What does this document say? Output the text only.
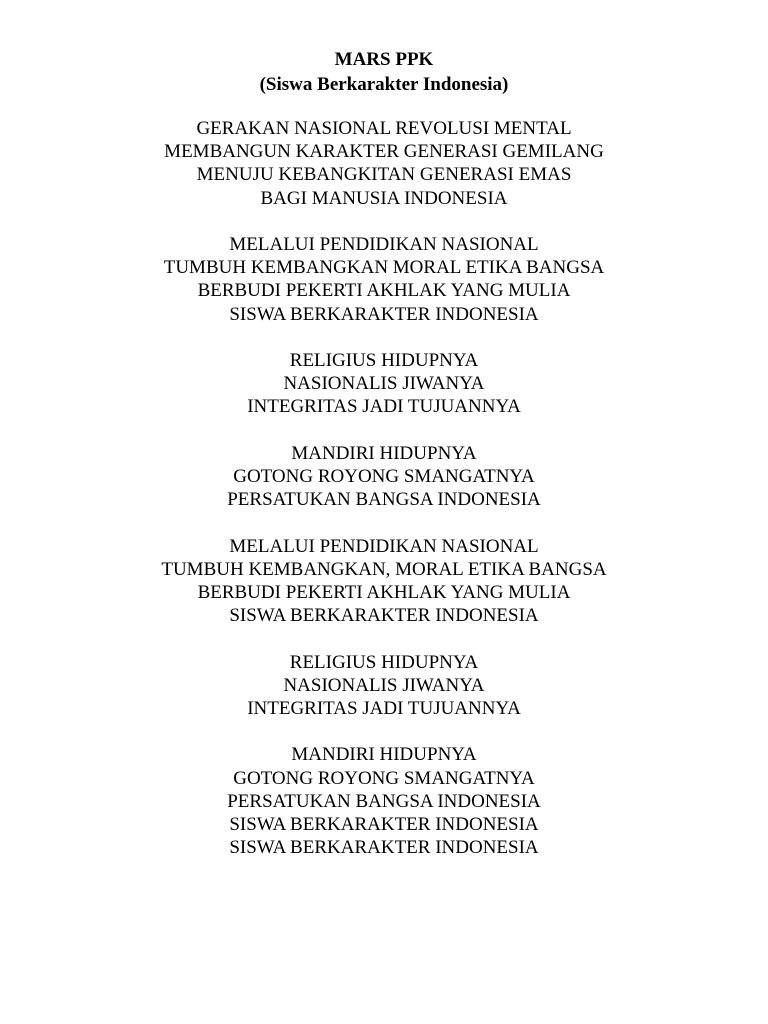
MARS PPK
(Siswa Berkarakter Indonesia)
GERAKAN NASIONAL REVOLUSI MENTAL
MEMBANGUN KARAKTER GENERASI GEMILANG
MENUJU KEBANGKITAN GENERASI EMAS
BAGI MANUSIA INDONESIA
MELALUI PENDIDIKAN NASIONAL
TUMBUH KEMBANGKAN MORAL ETIKA BANGSA
BERBUDI PEKERTI AKHLAK YANG MULIA
SISWA BERKARAKTER INDONESIA
RELIGIUS HIDUPNYA
NASIONALIS JIWANYA
INTEGRITAS JADI TUJUANNYA
MANDIRI HIDUPNYA
GOTONG ROYONG SMANGATNYA
PERSATUKAN BANGSA INDONESIA
MELALUI PENDIDIKAN NASIONAL
TUMBUH KEMBANGKAN, MORAL ETIKA BANGSA
BERBUDI PEKERTI AKHLAK YANG MULIA
SISWA BERKARAKTER INDONESIA
RELIGIUS HIDUPNYA
NASIONALIS JIWANYA
INTEGRITAS JADI TUJUANNYA
MANDIRI HIDUPNYA
GOTONG ROYONG SMANGATNYA
PERSATUKAN BANGSA INDONESIA
SISWA BERKARAKTER INDONESIA
SISWA BERKARAKTER INDONESIA
